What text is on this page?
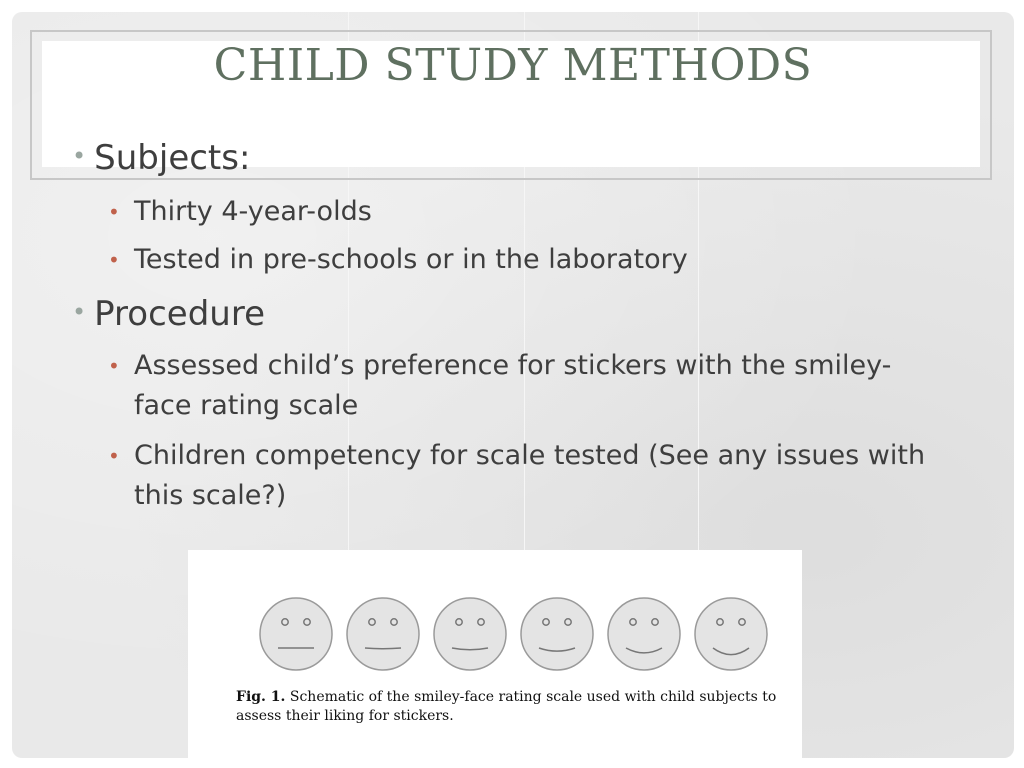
CHILD STUDY METHODS
• Subjects:
• Thirty 4-year-olds
• Tested in pre-schools or in the laboratory
• Procedure
• Assessed child’s preference for stickers with the smiley-face rating scale
• Children competency for scale tested (See any issues with this scale?)
Fig. 1. Schematic of the smiley-face rating scale used with child subjects to assess their liking for stickers.
